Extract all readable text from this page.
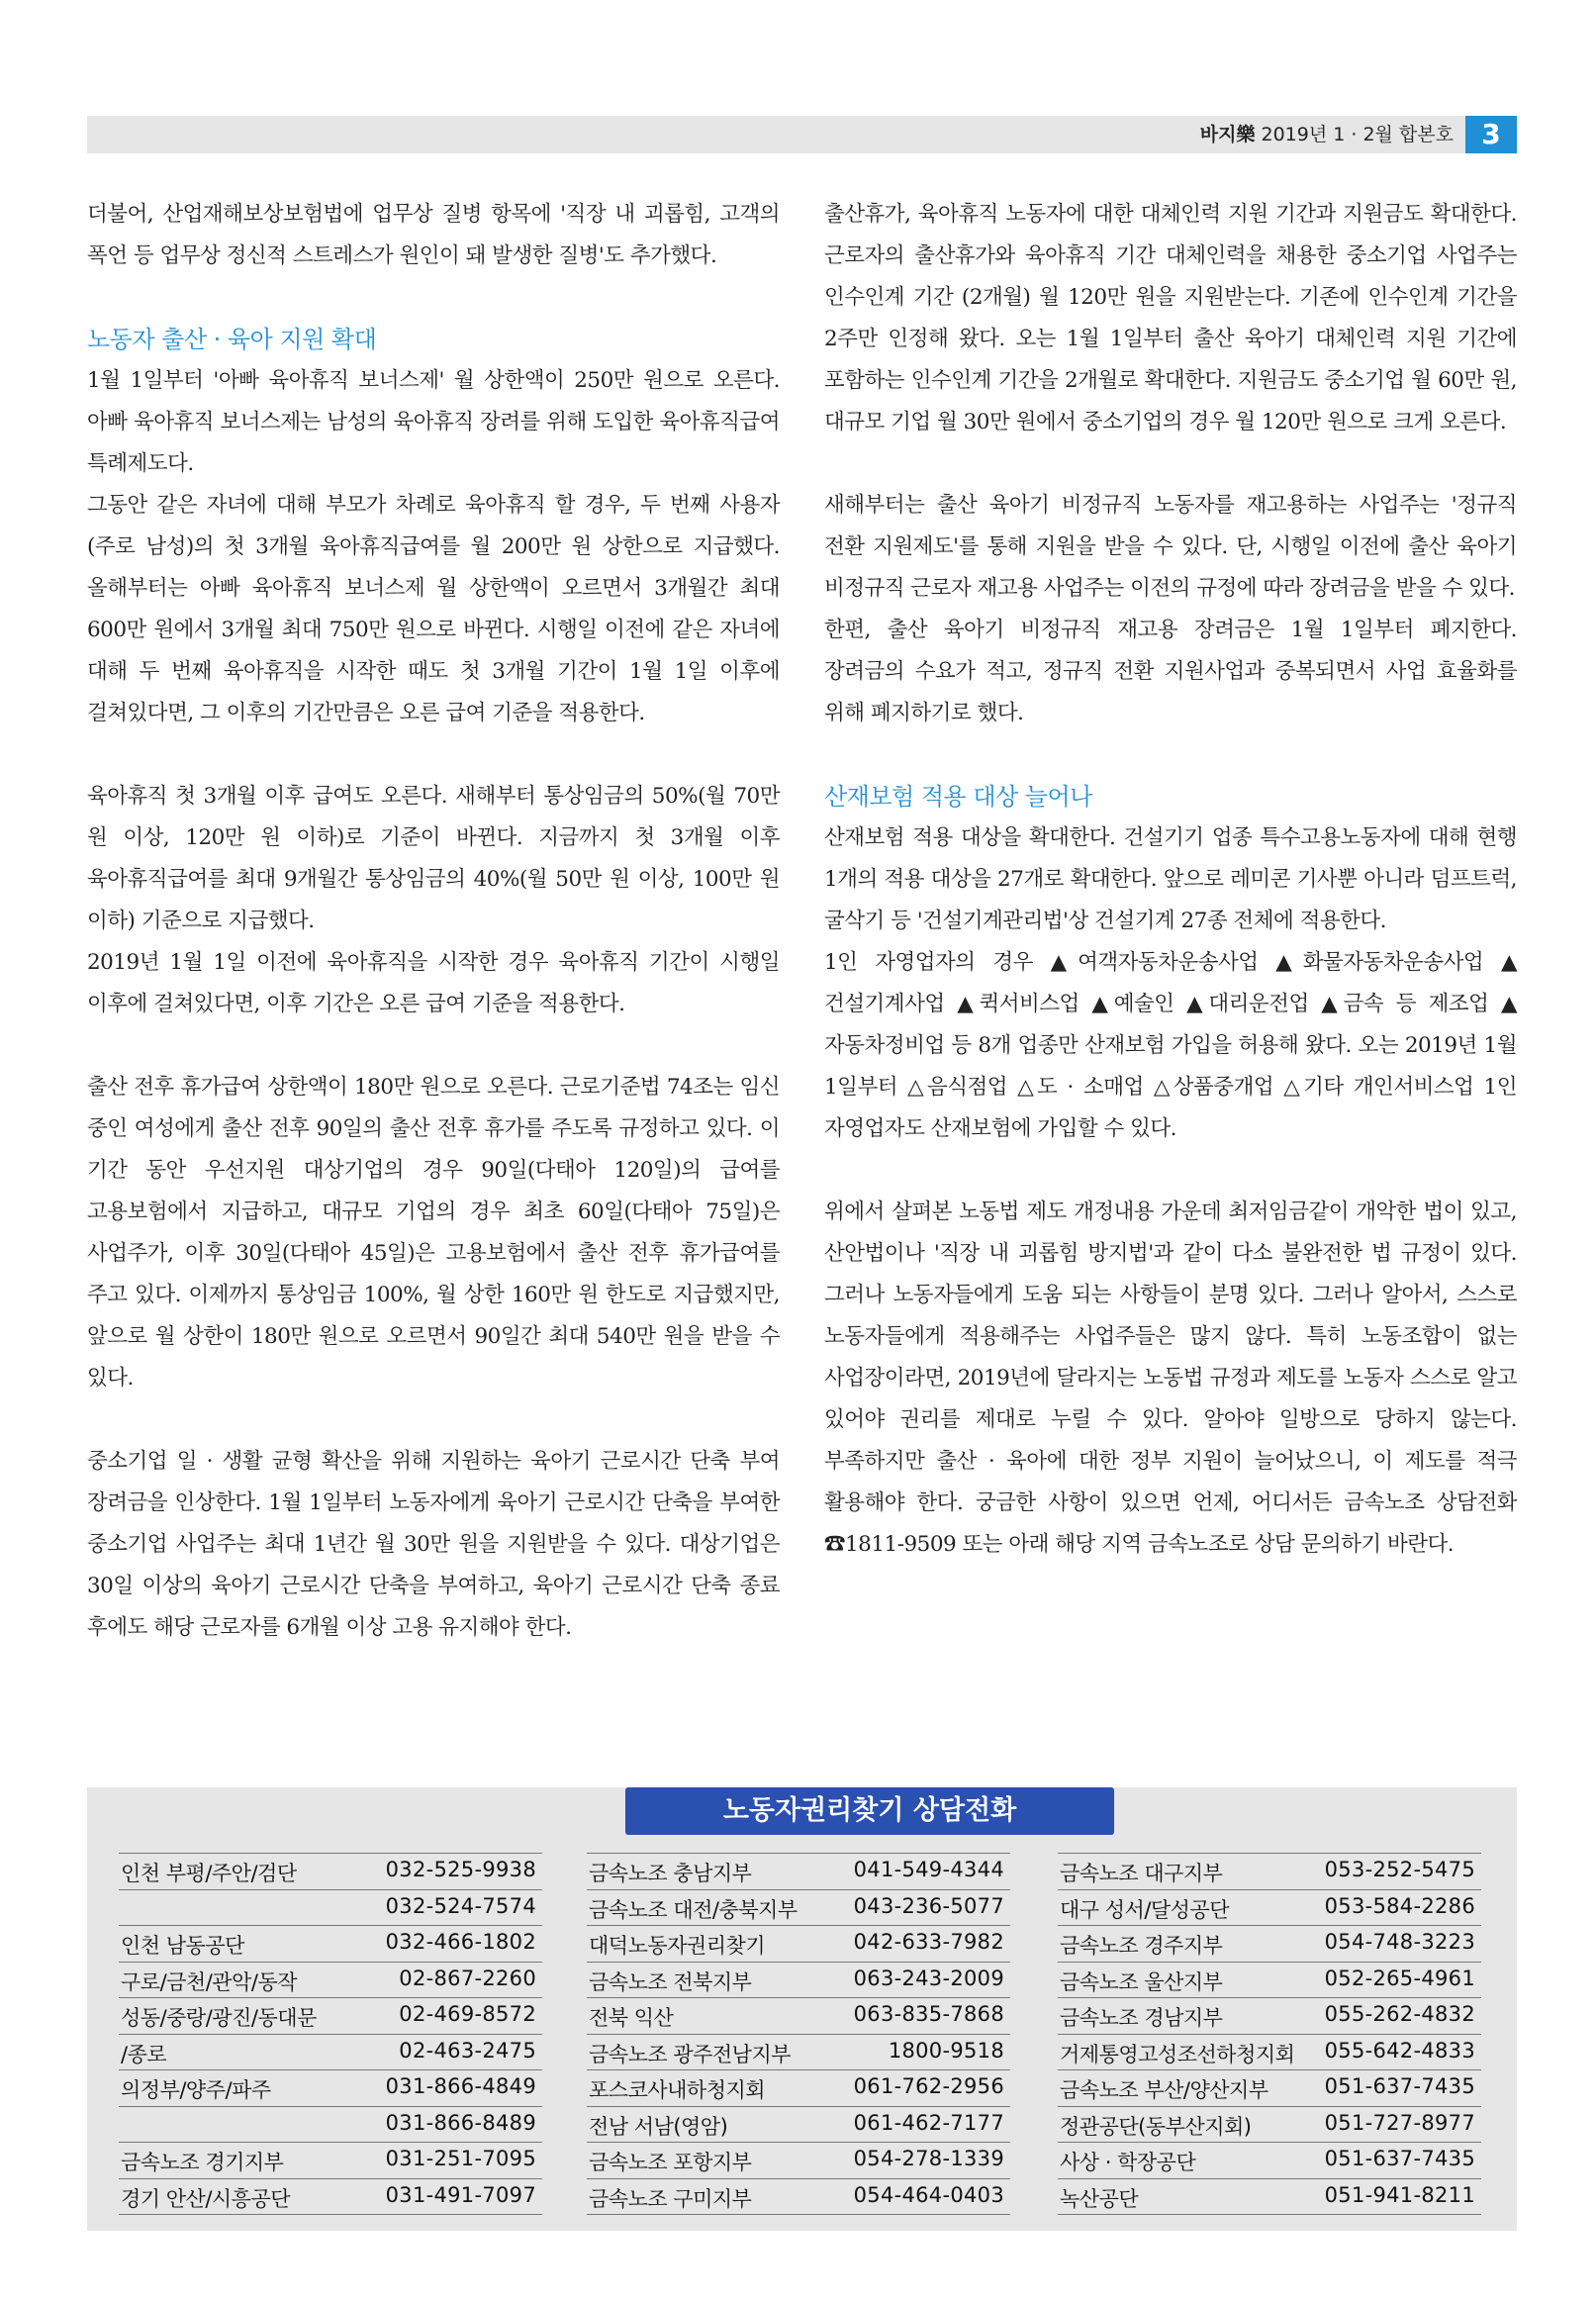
바지樂 2019년 1 · 2월 합본호	3

더불어, 산업재해보상보험법에 업무상 질병 항목에 '직장 내 괴롭힘, 고객의 폭언 등 업무상 정신적 스트레스가 원인이 돼 발생한 질병'도 추가했다.

노동자 출산 · 육아 지원 확대

1월 1일부터 '아빠 육아휴직 보너스제' 월 상한액이 250만 원으로 오른다. 아빠 육아휴직 보너스제는 남성의 육아휴직 장려를 위해 도입한 육아휴직급여 특례제도다.

그동안 같은 자녀에 대해 부모가 차례로 육아휴직 할 경우, 두 번째 사용자(주로 남성)의 첫 3개월 육아휴직급여를 월 200만 원 상한으로 지급했다. 올해부터는 아빠 육아휴직 보너스제 월 상한액이 오르면서 3개월간 최대 600만 원에서 3개월 최대 750만 원으로 바뀐다. 시행일 이전에 같은 자녀에 대해 두 번째 육아휴직을 시작한 때도 첫 3개월 기간이 1월 1일 이후에 걸쳐있다면, 그 이후의 기간만큼은 오른 급여 기준을 적용한다.

육아휴직 첫 3개월 이후 급여도 오른다. 새해부터 통상임금의 50%(월 70만 원 이상, 120만 원 이하)로 기준이 바뀐다. 지금까지 첫 3개월 이후 육아휴직급여를 최대 9개월간 통상임금의 40%(월 50만 원 이상, 100만 원 이하) 기준으로 지급했다.

2019년 1월 1일 이전에 육아휴직을 시작한 경우 육아휴직 기간이 시행일 이후에 걸쳐있다면, 이후 기간은 오른 급여 기준을 적용한다.

출산 전후 휴가급여 상한액이 180만 원으로 오른다. 근로기준법 74조는 임신 중인 여성에게 출산 전후 90일의 출산 전후 휴가를 주도록 규정하고 있다. 이 기간 동안 우선지원 대상기업의 경우 90일(다태아 120일)의 급여를 고용보험에서 지급하고, 대규모 기업의 경우 최초 60일(다태아 75일)은 사업주가, 이후 30일(다태아 45일)은 고용보험에서 출산 전후 휴가급여를 주고 있다. 이제까지 통상임금 100%, 월 상한 160만 원 한도로 지급했지만, 앞으로 월 상한이 180만 원으로 오르면서 90일간 최대 540만 원을 받을 수 있다.

중소기업 일 · 생활 균형 확산을 위해 지원하는 육아기 근로시간 단축 부여 장려금을 인상한다. 1월 1일부터 노동자에게 육아기 근로시간 단축을 부여한 중소기업 사업주는 최대 1년간 월 30만 원을 지원받을 수 있다. 대상기업은 30일 이상의 육아기 근로시간 단축을 부여하고, 육아기 근로시간 단축 종료 후에도 해당 근로자를 6개월 이상 고용 유지해야 한다.

출산휴가, 육아휴직 노동자에 대한 대체인력 지원 기간과 지원금도 확대한다. 근로자의 출산휴가와 육아휴직 기간 대체인력을 채용한 중소기업 사업주는 인수인계 기간 (2개월) 월 120만 원을 지원받는다. 기존에 인수인계 기간을 2주만 인정해 왔다. 오는 1월 1일부터 출산 육아기 대체인력 지원 기간에 포함하는 인수인계 기간을 2개월로 확대한다. 지원금도 중소기업 월 60만 원, 대규모 기업 월 30만 원에서 중소기업의 경우 월 120만 원으로 크게 오른다.

새해부터는 출산 육아기 비정규직 노동자를 재고용하는 사업주는 '정규직 전환 지원제도'를 통해 지원을 받을 수 있다. 단, 시행일 이전에 출산 육아기 비정규직 근로자 재고용 사업주는 이전의 규정에 따라 장려금을 받을 수 있다.

한편, 출산 육아기 비정규직 재고용 장려금은 1월 1일부터 폐지한다. 장려금의 수요가 적고, 정규직 전환 지원사업과 중복되면서 사업 효율화를 위해 폐지하기로 했다.

산재보험 적용 대상 늘어나

산재보험 적용 대상을 확대한다. 건설기기 업종 특수고용노동자에 대해 현행 1개의 적용 대상을 27개로 확대한다. 앞으로 레미콘 기사뿐 아니라 덤프트럭, 굴삭기 등 '건설기계관리법'상 건설기계 27종 전체에 적용한다.

1인 자영업자의 경우 ▲여객자동차운송사업 ▲화물자동차운송사업 ▲건설기계사업 ▲퀵서비스업 ▲예술인 ▲대리운전업 ▲금속 등 제조업 ▲자동차정비업 등 8개 업종만 산재보험 가입을 허용해 왔다. 오는 2019년 1월 1일부터 △음식점업 △도 · 소매업 △상품중개업 △기타 개인서비스업 1인 자영업자도 산재보험에 가입할 수 있다.

위에서 살펴본 노동법 제도 개정내용 가운데 최저임금같이 개악한 법이 있고, 산안법이나 '직장 내 괴롭힘 방지법'과 같이 다소 불완전한 법 규정이 있다. 그러나 노동자들에게 도움 되는 사항들이 분명 있다. 그러나 알아서, 스스로 노동자들에게 적용해주는 사업주들은 많지 않다. 특히 노동조합이 없는 사업장이라면, 2019년에 달라지는 노동법 규정과 제도를 노동자 스스로 알고 있어야 권리를 제대로 누릴 수 있다. 알아야 일방으로 당하지 않는다. 부족하지만 출산 · 육아에 대한 정부 지원이 늘어났으니, 이 제도를 적극 활용해야 한다. 궁금한 사항이 있으면 언제, 어디서든 금속노조 상담전화 ☎1811-9509 또는 아래 해당 지역 금속노조로 상담 문의하기 바란다.

노동자권리찾기 상담전화
인천 부평/주안/검단	032-525-9938
032-524-7574
인천 남동공단	032-466-1802
구로/금천/관악/동작	02-867-2260
성동/중랑/광진/동대문	02-469-8572
/종로	02-463-2475
의정부/양주/파주	031-866-4849
031-866-8489
금속노조 경기지부	031-251-7095
경기 안산/시흥공단	031-491-7097
금속노조 충남지부	041-549-4344
금속노조 대전/충북지부	043-236-5077
대덕노동자권리찾기	042-633-7982
금속노조 전북지부	063-243-2009
전북 익산	063-835-7868
금속노조 광주전남지부	1800-9518
포스코사내하청지회	061-762-2956
전남 서남(영암)	061-462-7177
금속노조 포항지부	054-278-1339
금속노조 구미지부	054-464-0403
금속노조 대구지부	053-252-5475
대구 성서/달성공단	053-584-2286
금속노조 경주지부	054-748-3223
금속노조 울산지부	052-265-4961
금속노조 경남지부	055-262-4832
거제통영고성조선하청지회 055-642-4833
금속노조 부산/양산지부	051-637-7435
정관공단(동부산지회)	051-727-8977
사상 · 학장공단	051-637-7435
녹산공단	051-941-8211
